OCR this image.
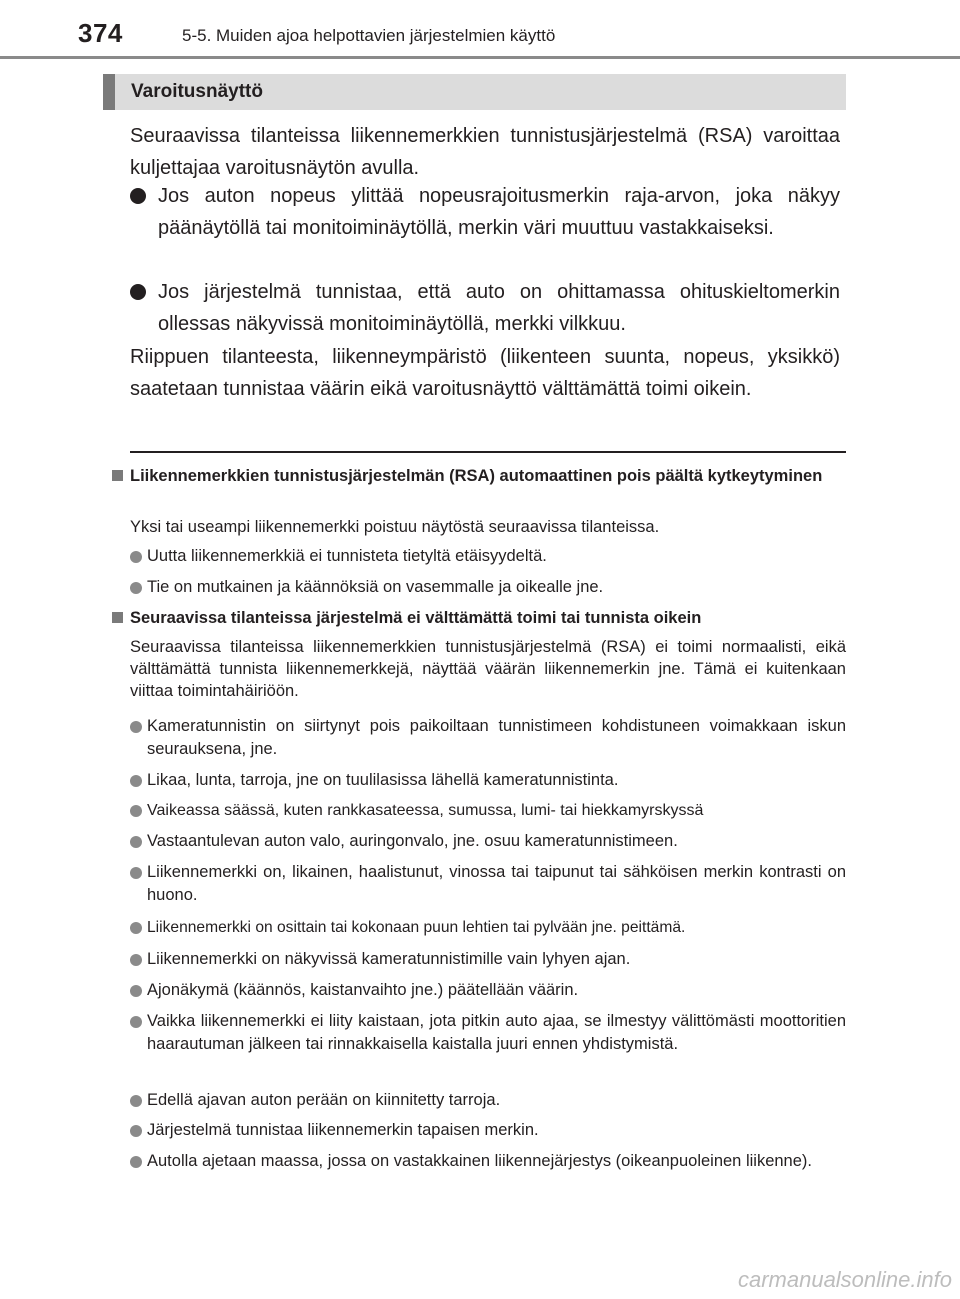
374	5-5. Muiden ajoa helpottavien järjestelmien käyttö
Varoitusnäyttö

Seuraavissa tilanteissa liikennemerkkien tunnistusjärjestelmä (RSA) varoittaa kuljettajaa varoitusnäytön avulla.

Jos auton nopeus ylittää nopeusrajoitusmerkin raja-arvon, joka näkyy päänäytöllä tai monitoiminäytöllä, merkin väri muuttuu vastakkaiseksi.
Jos järjestelmä tunnistaa, että auto on ohittamassa ohituskieltomerkin ollessas näkyvissä monitoiminäytöllä, merkki vilkkuu.

Riippuen tilanteesta, liikenneympäristö (liikenteen suunta, nopeus, yksikkö) saatetaan tunnistaa väärin eikä varoitusnäyttö välttämättä toimi oikein.

Liikennemerkkien tunnistusjärjestelmän (RSA) automaattinen pois päältä kytkeytyminen
Yksi tai useampi liikennemerkki poistuu näytöstä seuraavissa tilanteissa.
Uutta liikennemerkkiä ei tunnisteta tietyltä etäisyydeltä.
Tie on mutkainen ja käännöksiä on vasemmalle ja oikealle jne.
Seuraavissa tilanteissa järjestelmä ei välttämättä toimi tai tunnista oikein
Seuraavissa tilanteissa liikennemerkkien tunnistusjärjestelmä (RSA) ei toimi normaalisti, eikä välttämättä tunnista liikennemerkkejä, näyttää väärän liikennemerkin jne. Tämä ei kuitenkaan viittaa toimintahäiriöön.
Kameratunnistin on siirtynyt pois paikoiltaan tunnistimeen kohdistuneen voimakkaan iskun seurauksena, jne.
Likaa, lunta, tarroja, jne on tuulilasissa lähellä kameratunnistinta.
Vaikeassa säässä, kuten rankkasateessa, sumussa, lumi- tai hiekkamyrskyssä
Vastaantulevan auton valo, auringonvalo, jne. osuu kameratunnistimeen.
Liikennemerkki on, likainen, haalistunut, vinossa tai taipunut tai sähköisen merkin kontrasti on huono.
Liikennemerkki on osittain tai kokonaan puun lehtien tai pylvään jne. peittämä.
Liikennemerkki on näkyvissä kameratunnistimille vain lyhyen ajan.
Ajonäkymä (käännös, kaistanvaihto jne.) päätellään väärin.
Vaikka liikennemerkki ei liity kaistaan, jota pitkin auto ajaa, se ilmestyy välittömästi moottoritien haarautuman jälkeen tai rinnakkaisella kaistalla juuri ennen yhdistymistä.
Edellä ajavan auton perään on kiinnitetty tarroja.
Järjestelmä tunnistaa liikennemerkin tapaisen merkin.
Autolla ajetaan maassa, jossa on vastakkainen liikennejärjestys (oikeanpuoleinen liikenne).
carmanualsonline.info
